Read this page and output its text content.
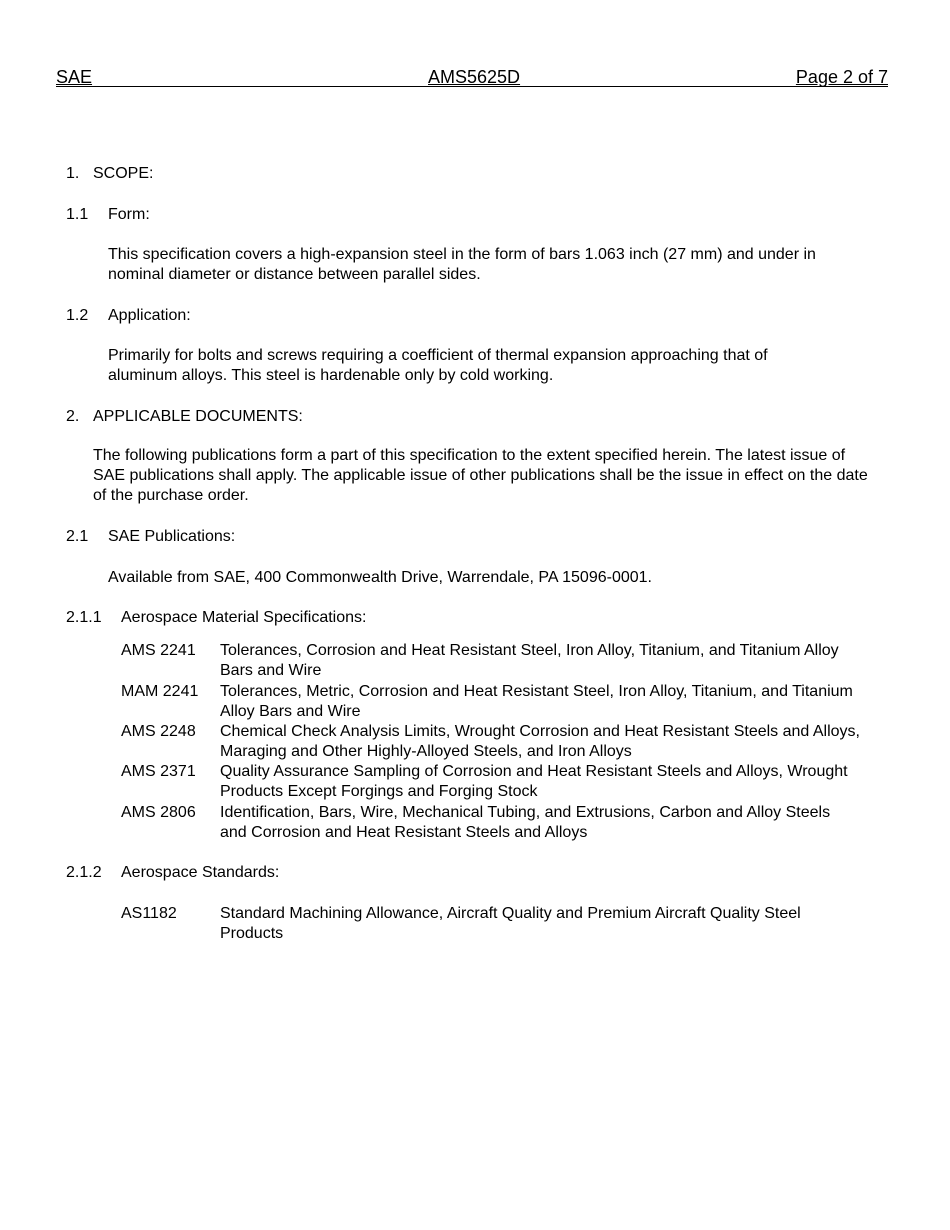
SAE	AMS5625D	Page 2 of 7
1. SCOPE:
1.1 Form:
This specification covers a high-expansion steel in the form of bars 1.063 inch (27 mm) and under in nominal diameter or distance between parallel sides.
1.2 Application:
Primarily for bolts and screws requiring a coefficient of thermal expansion approaching that of aluminum alloys. This steel is hardenable only by cold working.
2. APPLICABLE DOCUMENTS:
The following publications form a part of this specification to the extent specified herein. The latest issue of SAE publications shall apply. The applicable issue of other publications shall be the issue in effect on the date of the purchase order.
2.1 SAE Publications:
Available from SAE, 400 Commonwealth Drive, Warrendale, PA 15096-0001.
2.1.1 Aerospace Material Specifications:
AMS 2241 Tolerances, Corrosion and Heat Resistant Steel, Iron Alloy, Titanium, and Titanium Alloy Bars and Wire
MAM 2241 Tolerances, Metric, Corrosion and Heat Resistant Steel, Iron Alloy, Titanium, and Titanium Alloy Bars and Wire
AMS 2248 Chemical Check Analysis Limits, Wrought Corrosion and Heat Resistant Steels and Alloys, Maraging and Other Highly-Alloyed Steels, and Iron Alloys
AMS 2371 Quality Assurance Sampling of Corrosion and Heat Resistant Steels and Alloys, Wrought Products Except Forgings and Forging Stock
AMS 2806 Identification, Bars, Wire, Mechanical Tubing, and Extrusions, Carbon and Alloy Steels and Corrosion and Heat Resistant Steels and Alloys
2.1.2 Aerospace Standards:
AS1182	Standard Machining Allowance, Aircraft Quality and Premium Aircraft Quality Steel Products
